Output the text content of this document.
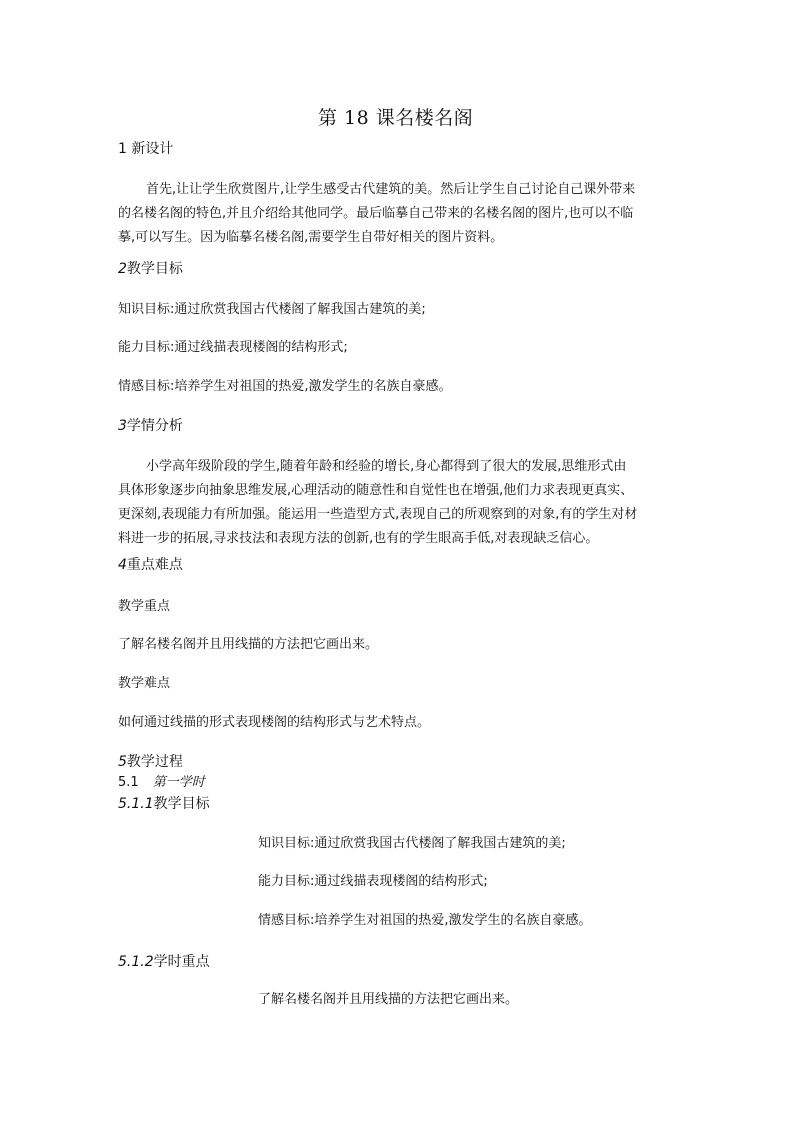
第 18 课名楼名阁
1 新设计
首先,让让学生欣赏图片,让学生感受古代建筑的美。然后让学生自己讨论自己课外带来
的名楼名阁的特色,并且介绍给其他同学。最后临摹自己带来的名楼名阁的图片,也可以不临
摹,可以写生。因为临摹名楼名阁,需要学生自带好相关的图片资料。
2教学目标
知识目标:通过欣赏我国古代楼阁了解我国古建筑的美;
能力目标:通过线描表现楼阁的结构形式;
情感目标:培养学生对祖国的热爱,激发学生的名族自豪感。
3学情分析
小学高年级阶段的学生,随着年龄和经验的增长,身心都得到了很大的发展,思维形式由
具体形象逐步向抽象思维发展,心理活动的随意性和自觉性也在增强,他们力求表现更真实、
更深刻,表现能力有所加强。能运用一些造型方式,表现自己的所观察到的对象,有的学生对材
料进一步的拓展,寻求技法和表现方法的创新,也有的学生眼高手低,对表现缺乏信心。
4重点难点
教学重点
了解名楼名阁并且用线描的方法把它画出来。
教学难点
如何通过线描的形式表现楼阁的结构形式与艺术特点。
5教学过程
5.1 第一学时
5.1.1教学目标
知识目标:通过欣赏我国古代楼阁了解我国古建筑的美;
能力目标:通过线描表现楼阁的结构形式;
情感目标:培养学生对祖国的热爱,激发学生的名族自豪感。
5.1.2学时重点
了解名楼名阁并且用线描的方法把它画出来。
